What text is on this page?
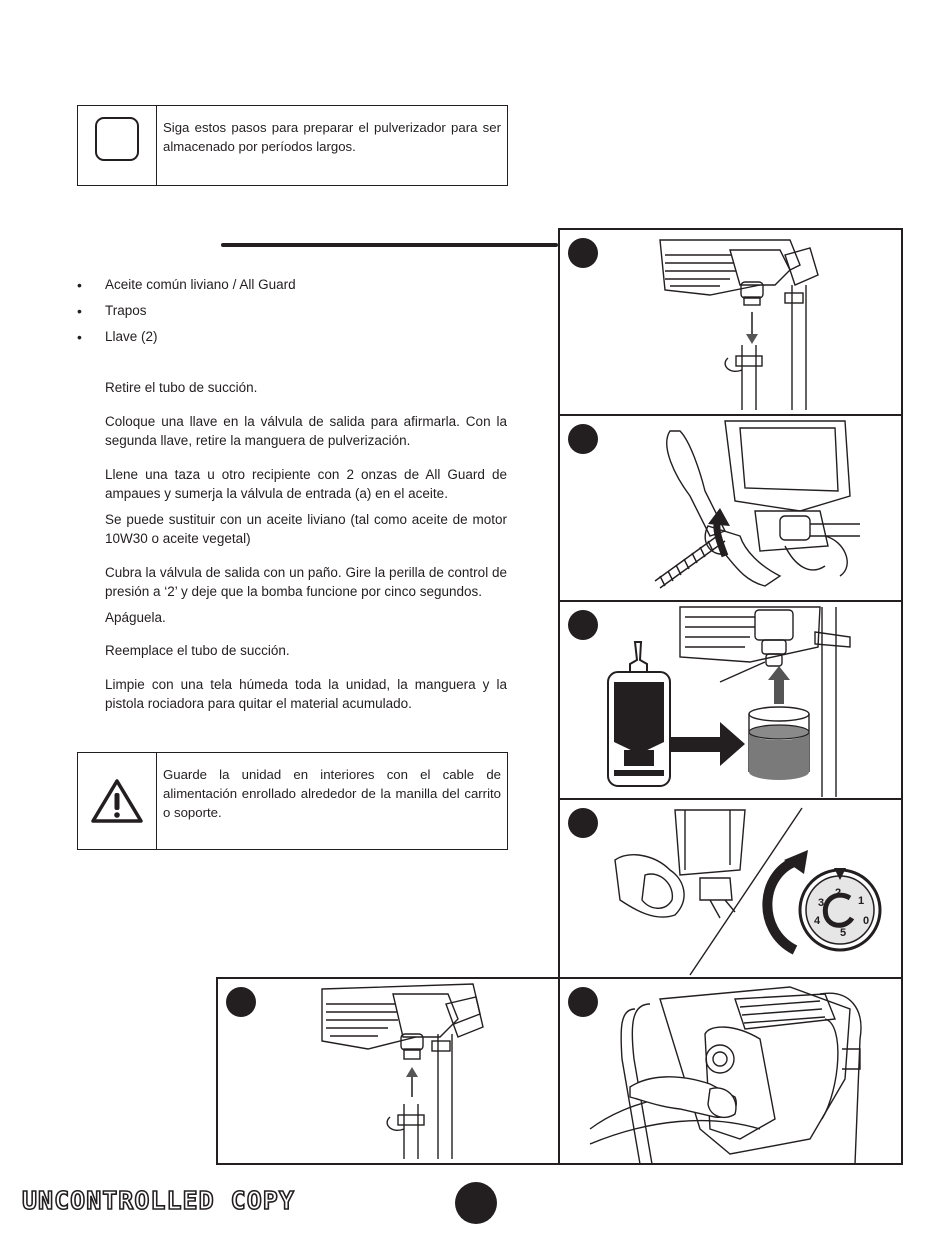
Siga estos pasos para preparar el pulverizador para ser almacenado por períodos largos.
• Aceite común liviano / All Guard
• Trapos
• Llave (2)

Retire el tubo de succión.

Coloque una llave en la válvula de salida para afirmarla. Con la segunda llave, retire la manguera de pulverización.

Llene una taza u otro recipiente con 2 onzas de All Guard de ampaues y sumerja la válvula de entrada (a) en el aceite.

Se puede sustituir con un aceite liviano (tal como aceite de motor 10W30 o aceite vegetal)

Cubra la válvula de salida con un paño. Gire la perilla de control de presión a ‘2’ y deje que la bomba funcione por cinco segundos.

Apáguela.

Reemplace el tubo de succión.

Limpie con una tela húmeda toda la unidad, la manguera y la pistola rociadora para quitar el material acumulado.

Guarde la unidad en interiores con el cable de alimentación enrollado alrededor de la manilla del carrito o soporte.
2
1
0
3
4
5
UNCONTROLLED COPY
